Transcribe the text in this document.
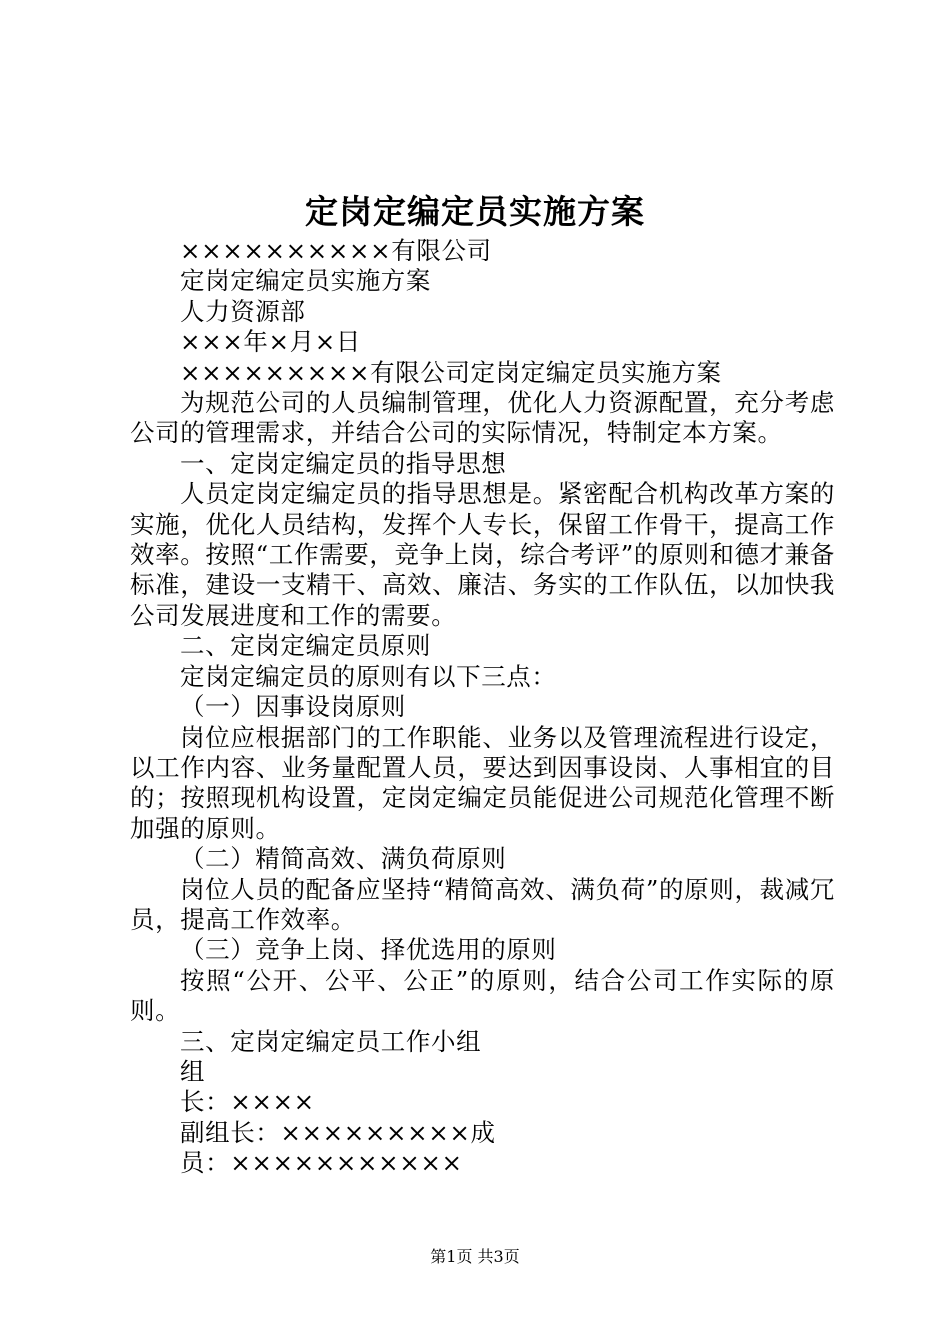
定岗定编定员实施方案

××××××××××有限公司

定岗定编定员实施方案

人力资源部

×××年×月×日

×××××××××有限公司定岗定编定员实施方案

为规范公司的人员编制管理，优化人力资源配置，充分考虑公司的管理需求，并结合公司的实际情况，特制定本方案。

一、定岗定编定员的指导思想

人员定岗定编定员的指导思想是。紧密配合机构改革方案的实施，优化人员结构，发挥个人专长，保留工作骨干，提高工作效率。按照“工作需要，竞争上岗，综合考评”的原则和德才兼备标准，建设一支精干、高效、廉洁、务实的工作队伍，以加快我公司发展进度和工作的需要。

二、定岗定编定员原则

定岗定编定员的原则有以下三点：

（一）因事设岗原则

岗位应根据部门的工作职能、业务以及管理流程进行设定，以工作内容、业务量配置人员，要达到因事设岗、人事相宜的目的；按照现机构设置，定岗定编定员能促进公司规范化管理不断加强的原则。

（二）精简高效、满负荷原则

岗位人员的配备应坚持“精简高效、满负荷”的原则，裁减冗员，提高工作效率。

（三）竞争上岗、择优选用的原则

按照“公开、公平、公正”的原则，结合公司工作实际的原则。

三、定岗定编定员工作小组

组

长：××××

副组长：×××××××××成

员：×××××××××××

第1页 共3页
